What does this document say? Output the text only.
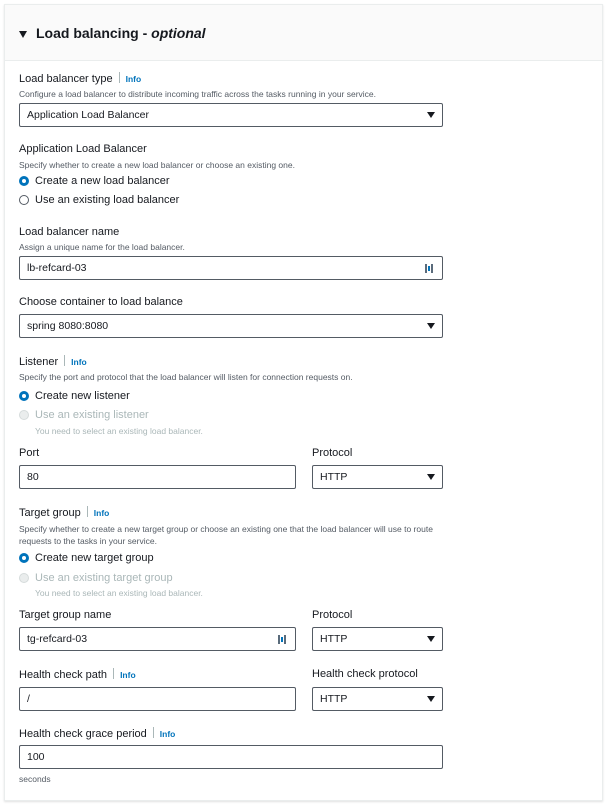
Load balancing - optional
Load balancer type Info
Configure a load balancer to distribute incoming traffic across the tasks running in your service.
Application Load Balancer
Application Load Balancer
Specify whether to create a new load balancer or choose an existing one.
Create a new load balancer
Use an existing load balancer
Load balancer name
Assign a unique name for the load balancer.
lb-refcard-03
Choose container to load balance
spring 8080:8080
Listener Info
Specify the port and protocol that the load balancer will listen for connection requests on.
Create new listener
Use an existing listener
You need to select an existing load balancer.
Port
80
Protocol
HTTP
Target group Info
Specify whether to create a new target group or choose an existing one that the load balancer will use to route requests to the tasks in your service.
Create new target group
Use an existing target group
You need to select an existing load balancer.
Target group name
tg-refcard-03
Protocol
HTTP
Health check path Info
/
Health check protocol
HTTP
Health check grace period Info
100
seconds
